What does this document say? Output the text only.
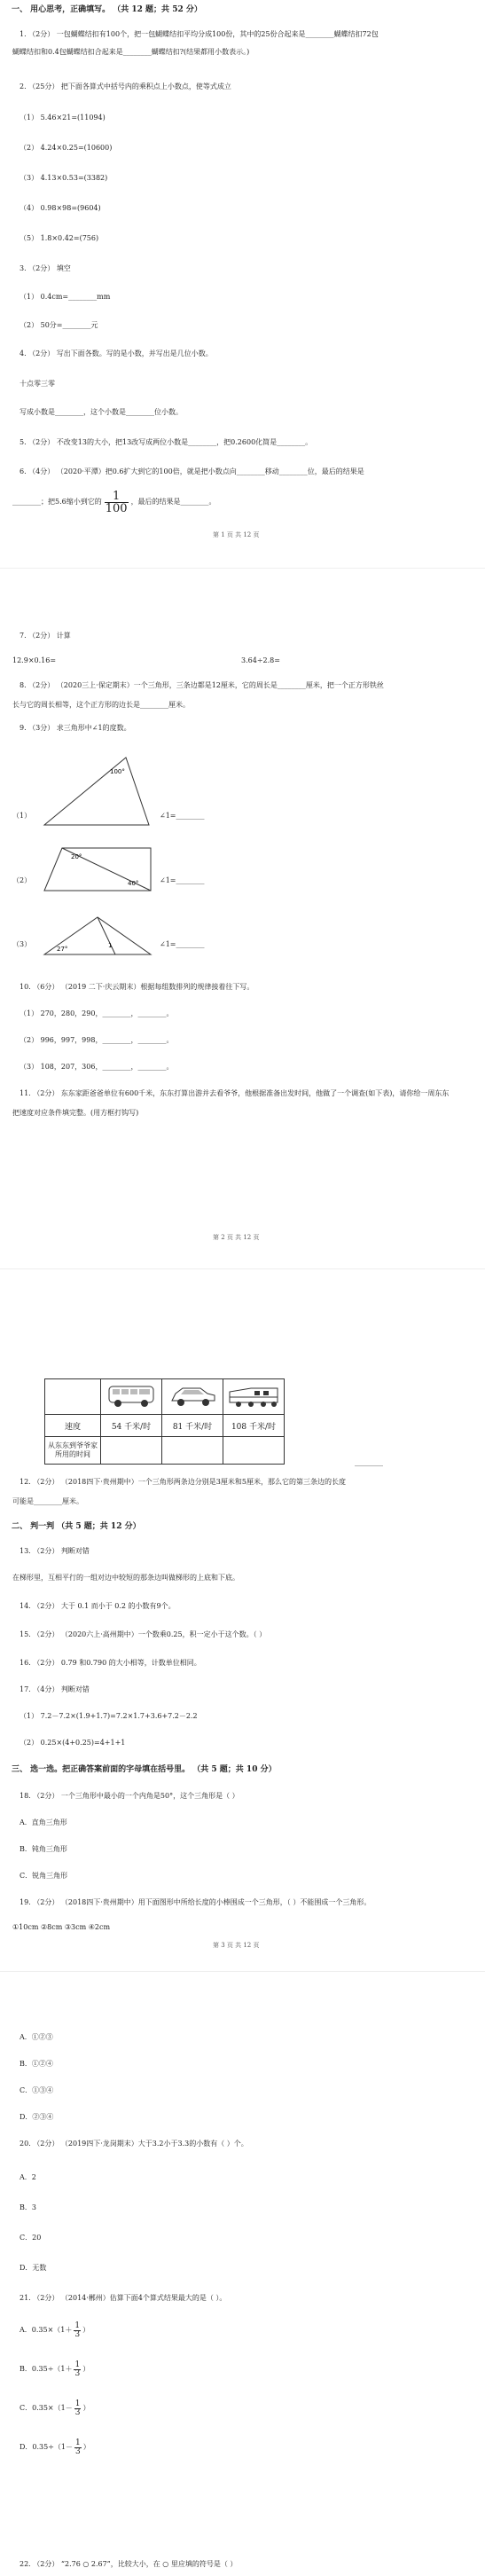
一、 用心思考，正确填写。 （共 12 题；共 52 分）
1. （2分） 一包蝴蝶结扣有100个，把一包蝴蝶结扣平均分成100份，其中的25份合起来是________蝴蝶结扣72包
蝴蝶结扣和0.4包蝴蝶结扣合起来是________蝴蝶结扣?(结果都用小数表示。)
2. （25分） 把下面各算式中括号内的乘积点上小数点，使等式成立
（1） 5.46×21=(11094)
（2） 4.24×0.25=(10600)
（3） 4.13×0.53=(3382)
（4） 0.98×98=(9604)
（5） 1.8×0.42=(756)
3. （2分） 填空
（1） 0.4cm=________mm
（2） 50分=________元
4. （2分） 写出下面各数。写的是小数，并写出是几位小数。
十点零三零
写成小数是________，这个小数是________位小数。
5. （2分） 不改变13的大小，把13改写成两位小数是________，把0.2600化简是________。
6. （4分） （2020·平潭）把0.6扩大到它的100倍，就是把小数点向________移动________位，最后的结果是
________；把5.6缩小到它的 $\frac{1}{100}$ ，最后的结果是________。
第 1 页 共 12 页
7. （2分） 计算
12.9×0.16=	3.64÷2.8=
8. （2分） （2020三上·保定期末）一个三角形，三条边都是12厘米，它的周长是________厘米，把一个正方形铁丝
长与它的周长相等，这个正方形的边长是________厘米。
9. （3分） 求三角形中∠1的度数。
（1）
100°
∠1=________
（2）
20°
40°	∠1=________
（3）
27°	1	∠1=________
10. （6分） （2019 二下·庆云期末）根据每组数排列的规律接着往下写。
（1） 270，280，290，________，________。
（2） 996，997，998，________，________。
（3） 108，207，306，________，________。
11. （2分） 东东家距爸爸单位有600千米，东东打算出游并去看爷爷，他根据准备出发时间，他做了一个调查(如下表)，请你给一周东东
把速度对应条件填完整。(用方框打钩写)
第 2 页 共 12 页

速度	54 千米/时	81 千米/时	108 千米/时
从东东到爷爷家所用的时间			
________
12. （2分） （2018四下·贵州期中）一个三角形两条边分别是3厘米和5厘米，那么它的第三条边的长度
可能是________厘米。
二、 判一判 （共 5 题；共 12 分）
13. （2分） 判断对错
在梯形里，互相平行的一组对边中较短的那条边叫做梯形的上底和下底。
14. （2分） 大于 0.1 而小于 0.2 的小数有9个。
15. （2分） （2020六上·高州期中）一个数乘0.25，积一定小于这个数。（ ）
16. （2分） 0.79 和0.790 的大小相等，计数单位相同。
17. （4分） 判断对错
（1） 7.2－7.2×(1.9+1.7)=7.2×1.7+3.6+7.2－2.2
（2） 0.25×(4+0.25)=4+1+1
三、 选一选。把正确答案前面的字母填在括号里。 （共 5 题；共 10 分）
18. （2分） 一个三角形中最小的一个内角是50°，这个三角形是（ ）
A．直角三角形
B．钝角三角形
C．锐角三角形
19. （2分） （2018四下·贵州期中）用下面图形中所给长度的小棒围成一个三角形，（ ）不能围成一个三角形。
①10cm ②8cm ③3cm ④2cm
第 3 页 共 12 页
A．①②③
B．①②④
C．①③④
D．②③④
20. （2分） （2019四下·龙岗期末）大于3.2小于3.3的小数有（ ）个。
A．2
B．3
C．20
D．无数
21. （2分） （2014·郴州）估算下面4个算式结果最大的是（ ）。
A．$0.35\times(1+ \frac{1}{3}$ ）
B．$0.35\div(1+ \frac{1}{3}$ ）
C．$0.35\times(1- \frac{1}{3}$ ）
D．$0.35\div(1- \frac{1}{3}$ ）
22. （2分） “2.76 ○ 2.67”，比较大小，在 ○ 里应填的符号是（ ）
